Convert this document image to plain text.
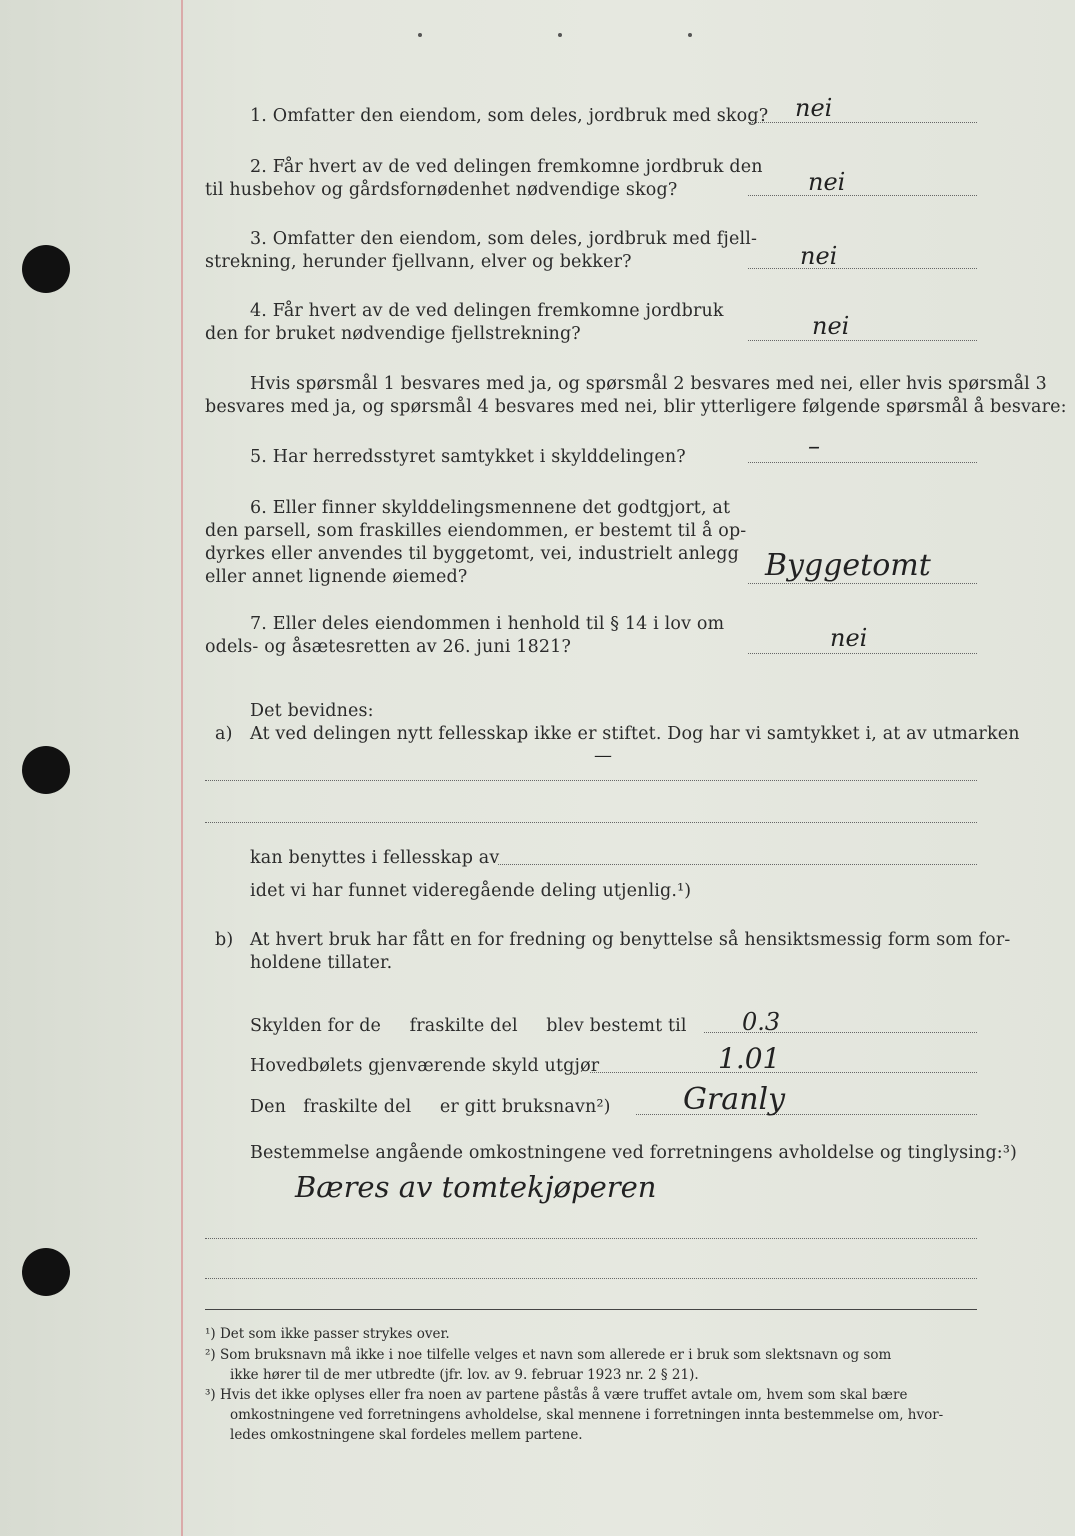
1. Omfatter den eiendom, som deles, jordbruk med skog? nei
2. Får hvert av de ved delingen fremkomne jordbruk den
til husbehov og gårdsfornødenhet nødvendige skog?	nei
3. Omfatter den eiendom, som deles, jordbruk med fjell-
strekning, herunder fjellvann, elver og bekker?	nei
4. Får hvert av de ved delingen fremkomne jordbruk
den for bruket nødvendige fjellstrekning?	nei
Hvis spørsmål 1 besvares med ja, og spørsmål 2 besvares med nei, eller hvis spørsmål 3
besvares med ja, og spørsmål 4 besvares med nei, blir ytterligere følgende spørsmål å besvare:
5. Har herredsstyret samtykket i skylddelingen?	–
6. Eller finner skylddelingsmennene det godtgjort, at
den parsell, som fraskilles eiendommen, er bestemt til å op-
dyrkes eller anvendes til byggetomt, vei, industrielt anlegg
eller annet lignende øiemed?	Byggetomt
7. Eller deles eiendommen i henhold til § 14 i lov om
odels- og åsætesretten av 26. juni 1821?	nei
Det bevidnes:
a) At ved delingen nytt fellesskap ikke er stiftet. Dog har vi samtykket i, at av utmarken
—
kan benyttes i fellesskap av
idet vi har funnet videregående deling utjenlig.¹)
b) At hvert bruk har fått en for fredning og benyttelse så hensiktsmessig form som for-
holdene tillater.
Skylden for de     fraskilte del     blev bestemt til 0.3
Hovedbølets gjenværende skyld utgjør	1.01
Den   fraskilte del     er gitt bruksnavn²) Granly
Bestemmelse angående omkostningene ved forretningens avholdelse og tinglysing:³)
Bæres av tomtekjøperen
¹) Det som ikke passer strykes over.
²) Som bruksnavn må ikke i noe tilfelle velges et navn som allerede er i bruk som slektsnavn og som
ikke hører til de mer utbredte (jfr. lov. av 9. februar 1923 nr. 2 § 21).
³) Hvis det ikke oplyses eller fra noen av partene påstås å være truffet avtale om, hvem som skal bære
omkostningene ved forretningens avholdelse, skal mennene i forretningen innta bestemmelse om, hvor-
ledes omkostningene skal fordeles mellem partene.
